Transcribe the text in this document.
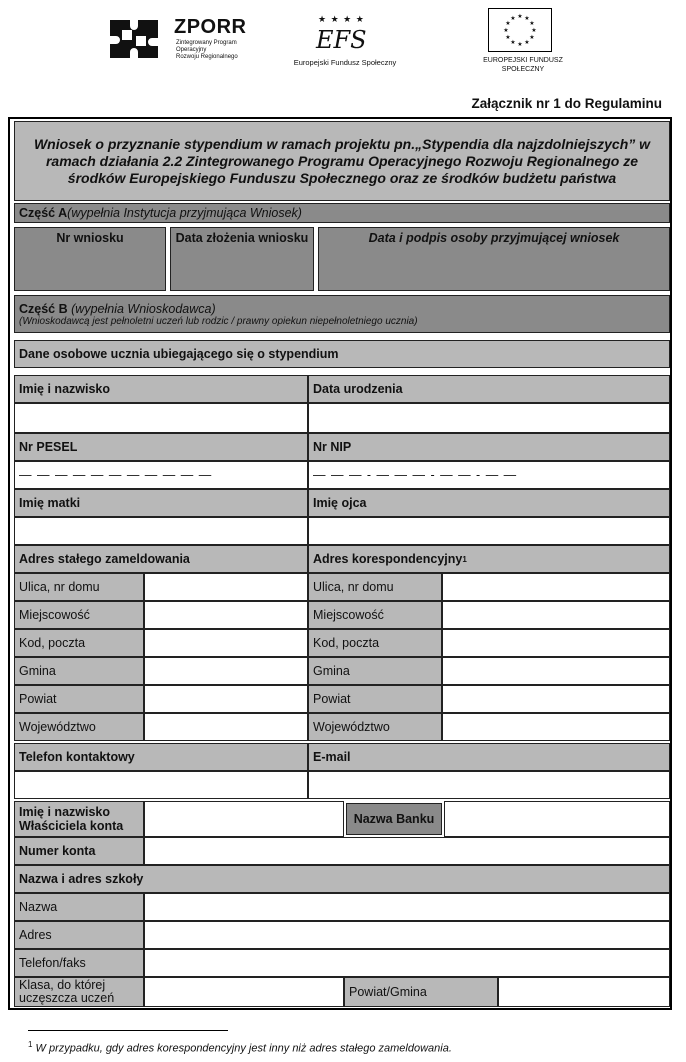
ZPORR
Zintegrowany Program
Operacyjny
Rozwoju Regionalnego
★ ★ ★ ★
EFS
Europejski Fundusz Społeczny
★ ★
★
★
★
★
★
★
★
★
★
★
EUROPEJSKI FUNDUSZ
SPOŁECZNY
Załącznik nr 1 do Regulaminu
Wniosek o przyznanie stypendium w ramach projektu pn.„Stypendia dla najzdolniejszych” w ramach działania 2.2 Zintegrowanego Programu Operacyjnego Rozwoju Regionalnego ze środków Europejskiego Funduszu Społecznego oraz ze środków budżetu państwa
Część A (wypełnia Instytucja przyjmująca Wniosek)
Nr wniosku	Data złożenia wniosku	Data i podpis osoby przyjmującej wniosek
Część B (wypełnia Wnioskodawca)
(Wnioskodawcą jest pełnoletni uczeń lub rodzic / prawny opiekun niepełnoletniego ucznia)
Dane osobowe ucznia ubiegającego się o stypendium
Imię i nazwisko	Data urodzenia
Nr PESEL	Nr NIP
— — — — — — — — — — —	— — — - — — — - — — - — —
Imię matki	Imię ojca
Adres stałego zameldowania	Adres korespondencyjny 1
Ulica, nr domu	Ulica, nr domu
Miejscowość	Miejscowość
Kod, poczta	Kod, poczta
Gmina	Gmina
Powiat	Powiat
Województwo	Województwo
Telefon kontaktowy	E-mail
Imię i nazwisko Właściciela konta	Nazwa Banku
Numer konta
Nazwa i adres szkoły
Nazwa
Adres
Telefon/faks
Klasa, do której uczęszcza uczeń	Powiat/Gmina
$^1$ W przypadku, gdy adres korespondencyjny jest inny niż adres stałego zameldowania.
